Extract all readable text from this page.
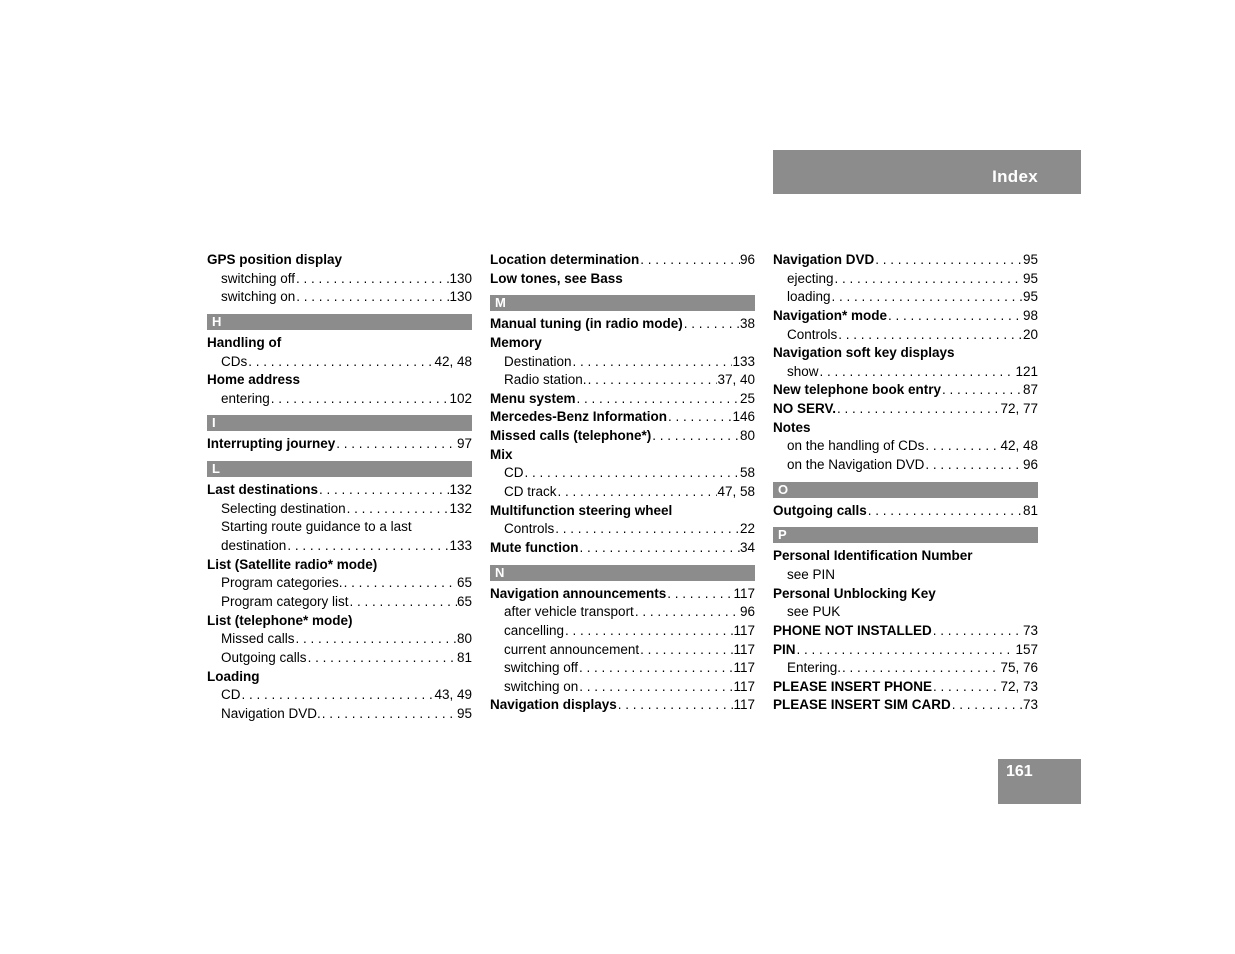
Index
GPS position display
switching off . . .	130
switching on . . .	130
H
Handling of
CDs . . .	42, 48
Home address
entering . . .	102
I
Interrupting journey . . .	97
L
Last destinations . . .	132
Selecting destination . . .	132
Starting route guidance to a last
destination . . .	133
List (Satellite radio* mode)
Program categories. . . .	65
Program category list . . .	65
List (telephone* mode)
Missed calls . . .	80
Outgoing calls . . .	81
Loading
CD . . .	43, 49
Navigation DVD. . . .	95
Location determination . . .	96
Low tones, see Bass
M
Manual tuning (in radio mode) . . .	38
Memory
Destination . . .	133
Radio station. . . .	37, 40
Menu system . . .	25
Mercedes-Benz Information . . .	146
Missed calls (telephone*) . . .	80
Mix
CD . . .	58
CD track . . .	47, 58
Multifunction steering wheel
Controls . . .	22
Mute function . . .	34
N
Navigation announcements . . .	117
after vehicle transport . . .	96
cancelling . . .	117
current announcement . . .	117
switching off . . .	117
switching on . . .	117
Navigation displays . . .	117
Navigation DVD . . .	95
ejecting . . .	95
loading . . .	95
Navigation* mode . . .	98
Controls . . .	20
Navigation soft key displays
show . . .	121
New telephone book entry . . .	87
NO SERV. . . .	72, 77
Notes
on the handling of CDs . . .	42, 48
on the Navigation DVD . . .	96
O
Outgoing calls . . .	81
P
Personal Identification Number
see PIN
Personal Unblocking Key
see PUK
PHONE NOT INSTALLED . . .	73
PIN . . .	157
Entering. . . .	75, 76
PLEASE INSERT PHONE . . .	72, 73
PLEASE INSERT SIM CARD . . .	73
161
